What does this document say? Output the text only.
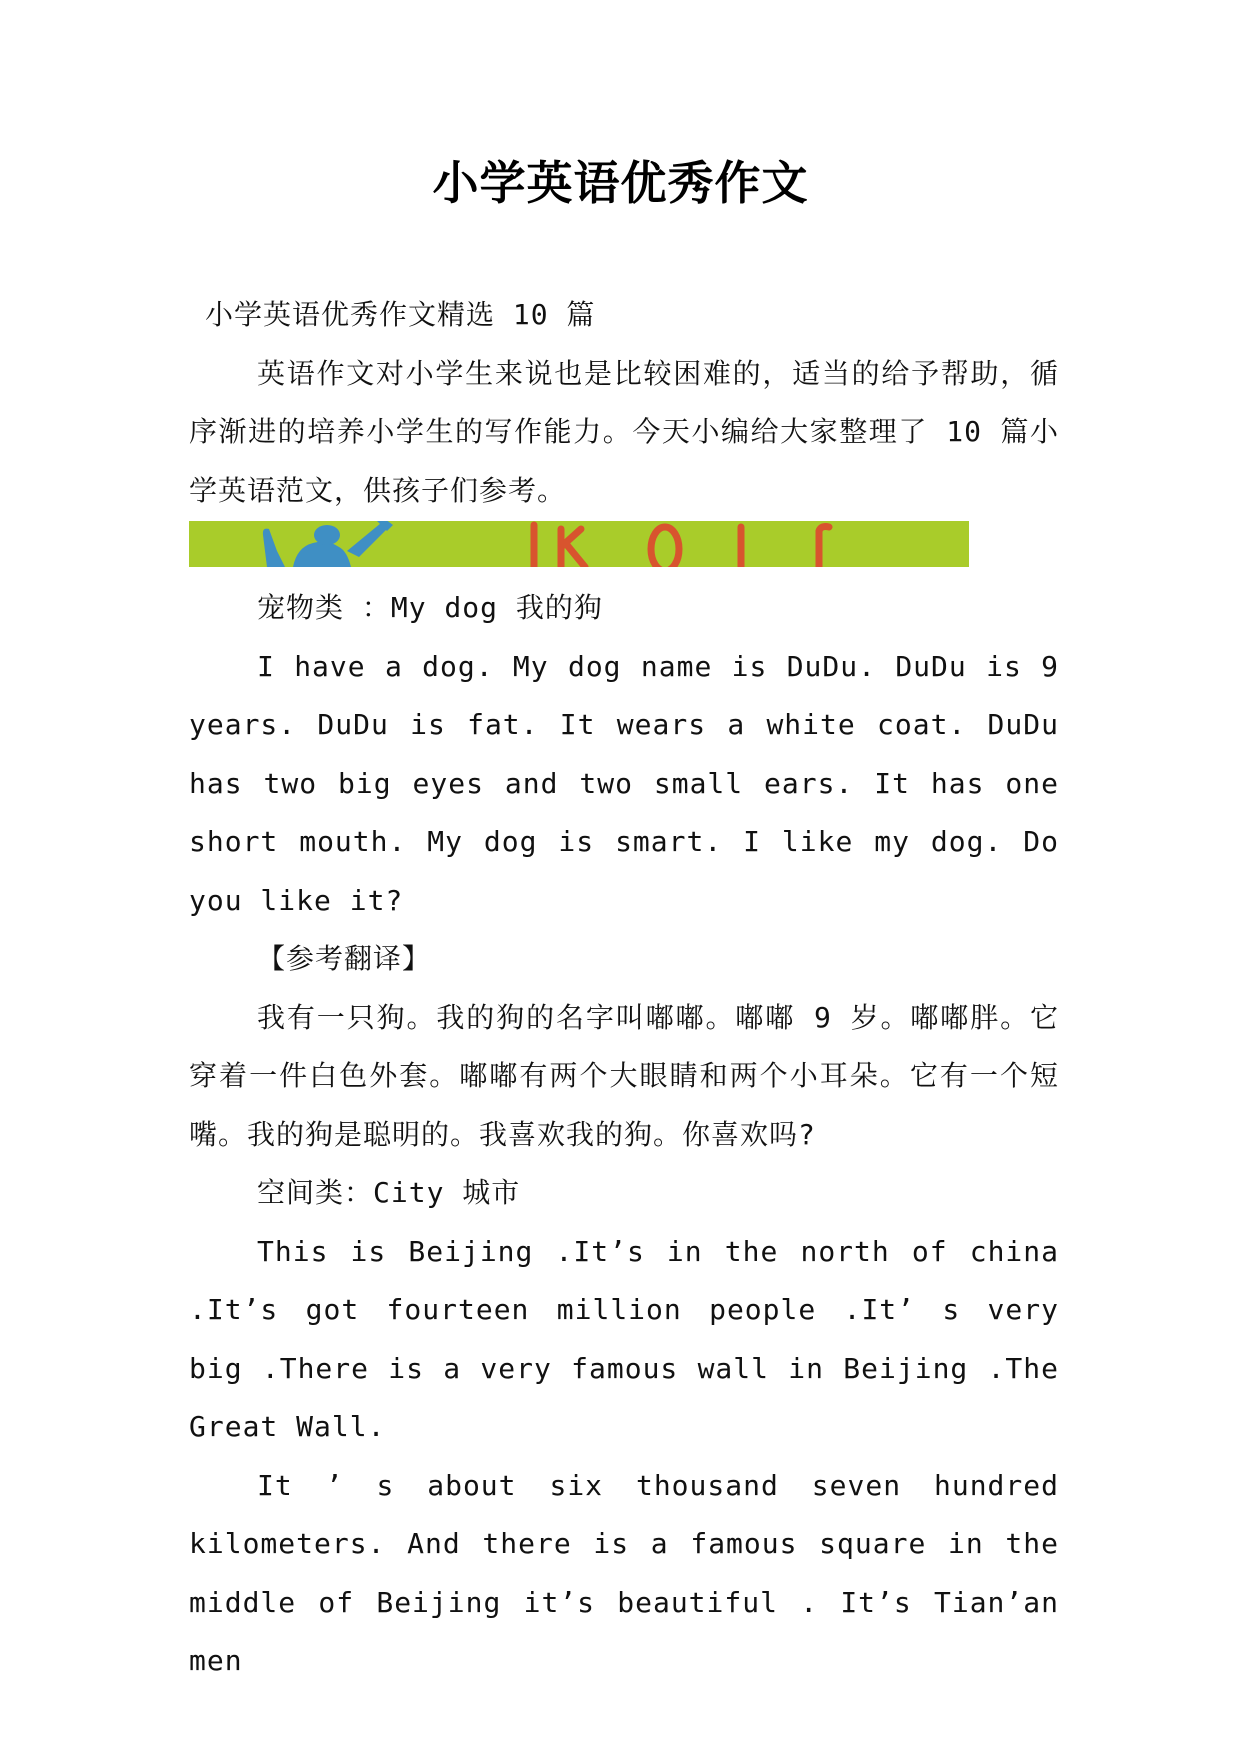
小学英语优秀作文

小学英语优秀作文精选 10 篇

英语作文对小学生来说也是比较困难的，适当的给予帮助，循序渐进的培养小学生的写作能力。今天小编给大家整理了 10 篇小学英语范文，供孩子们参考。

宠物类 ：My dog 我的狗

I have a dog. My dog name is DuDu. DuDu is 9 years. DuDu is fat. It wears a white coat. DuDu has two big eyes and two small ears. It has one short mouth. My dog is smart. I like my dog. Do you like it?

【参考翻译】

我有一只狗。我的狗的名字叫嘟嘟。嘟嘟 9 岁。嘟嘟胖。它穿着一件白色外套。嘟嘟有两个大眼睛和两个小耳朵。它有一个短嘴。我的狗是聪明的。我喜欢我的狗。你喜欢吗?

空间类：City 城市

This is Beijing .It’s in the north of china .It’s got fourteen million people .It’ s very big .There is a very famous wall in Beijing .The Great Wall.

It ’ s about six thousand seven hundred kilometers. And there is a famous square in the middle of Beijing it’s beautiful . It’s Tian’an men
